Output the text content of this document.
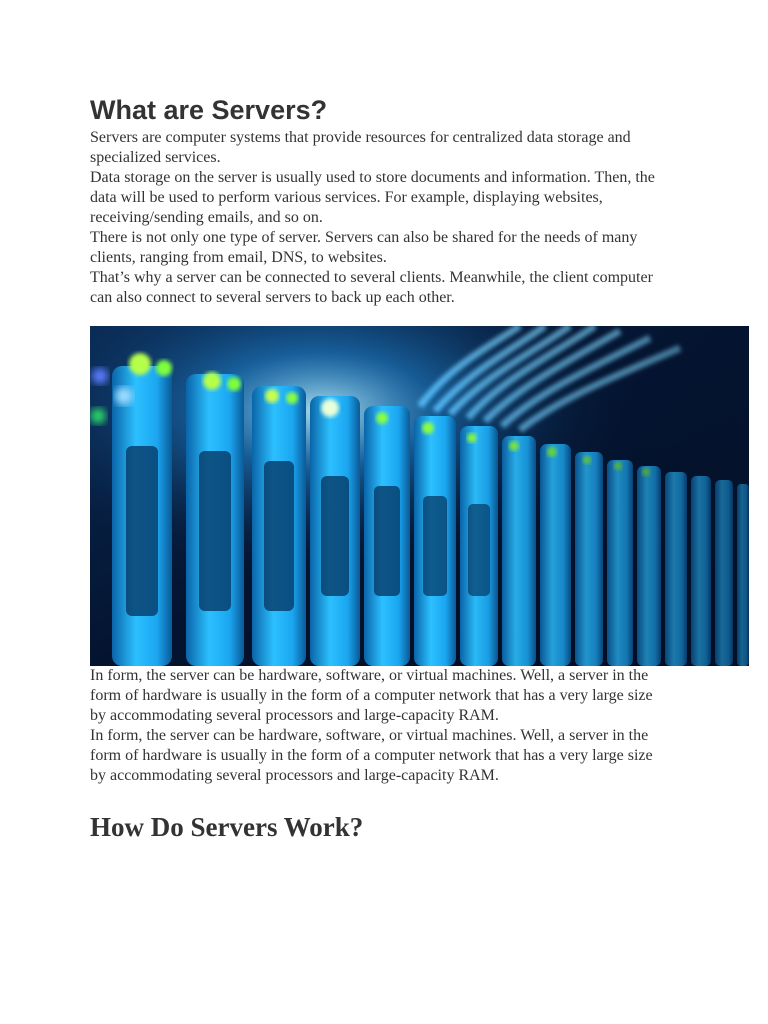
What are Servers?

Servers are computer systems that provide resources for centralized data storage and specialized services.

Data storage on the server is usually used to store documents and information. Then, the data will be used to perform various services. For example, displaying websites, receiving/sending emails, and so on.

There is not only one type of server. Servers can also be shared for the needs of many clients, ranging from email, DNS, to websites.

That’s why a server can be connected to several clients. Meanwhile, the client computer can also connect to several servers to back up each other.

In form, the server can be hardware, software, or virtual machines. Well, a server in the form of hardware is usually in the form of a computer network that has a very large size by accommodating several processors and large-capacity RAM.

In form, the server can be hardware, software, or virtual machines. Well, a server in the form of hardware is usually in the form of a computer network that has a very large size by accommodating several processors and large-capacity RAM.

How Do Servers Work?
